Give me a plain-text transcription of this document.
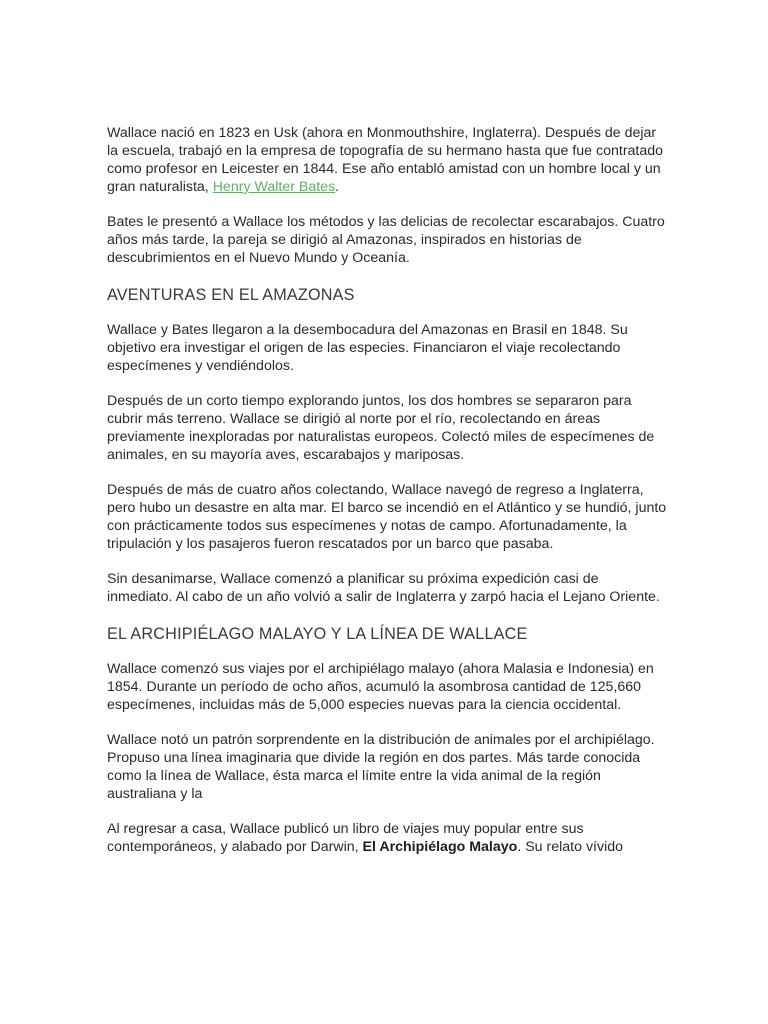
Wallace nació en 1823 en Usk (ahora en Monmouthshire, Inglaterra). Después de dejar la escuela, trabajó en la empresa de topografía de su hermano hasta que fue contratado como profesor en Leicester en 1844. Ese año entabló amistad con un hombre local y un gran naturalista, Henry Walter Bates.

Bates le presentó a Wallace los métodos y las delicias de recolectar escarabajos. Cuatro años más tarde, la pareja se dirigió al Amazonas, inspirados en historias de descubrimientos en el Nuevo Mundo y Oceanía.

AVENTURAS EN EL AMAZONAS

Wallace y Bates llegaron a la desembocadura del Amazonas en Brasil en 1848. Su objetivo era investigar el origen de las especies. Financiaron el viaje recolectando especímenes y vendiéndolos.

Después de un corto tiempo explorando juntos, los dos hombres se separaron para cubrir más terreno. Wallace se dirigió al norte por el río, recolectando en áreas previamente inexploradas por naturalistas europeos. Colectó miles de especímenes de animales, en su mayoría aves, escarabajos y mariposas.

Después de más de cuatro años colectando, Wallace navegó de regreso a Inglaterra, pero hubo un desastre en alta mar. El barco se incendió en el Atlántico y se hundió, junto con prácticamente todos sus especímenes y notas de campo. Afortunadamente, la tripulación y los pasajeros fueron rescatados por un barco que pasaba.

Sin desanimarse, Wallace comenzó a planificar su próxima expedición casi de inmediato. Al cabo de un año volvió a salir de Inglaterra y zarpó hacia el Lejano Oriente.

EL ARCHIPIÉLAGO MALAYO Y LA LÍNEA DE WALLACE

Wallace comenzó sus viajes por el archipiélago malayo (ahora Malasia e Indonesia) en 1854. Durante un período de ocho años, acumuló la asombrosa cantidad de 125,660 especímenes, incluidas más de 5,000 especies nuevas para la ciencia occidental.

Wallace notó un patrón sorprendente en la distribución de animales por el archipiélago. Propuso una línea imaginaria que divide la región en dos partes. Más tarde conocida como la línea de Wallace, ésta marca el límite entre la vida animal de la región australiana y la

Al regresar a casa, Wallace publicó un libro de viajes muy popular entre sus contemporáneos, y alabado por Darwin, El Archipiélago Malayo. Su relato vívido
